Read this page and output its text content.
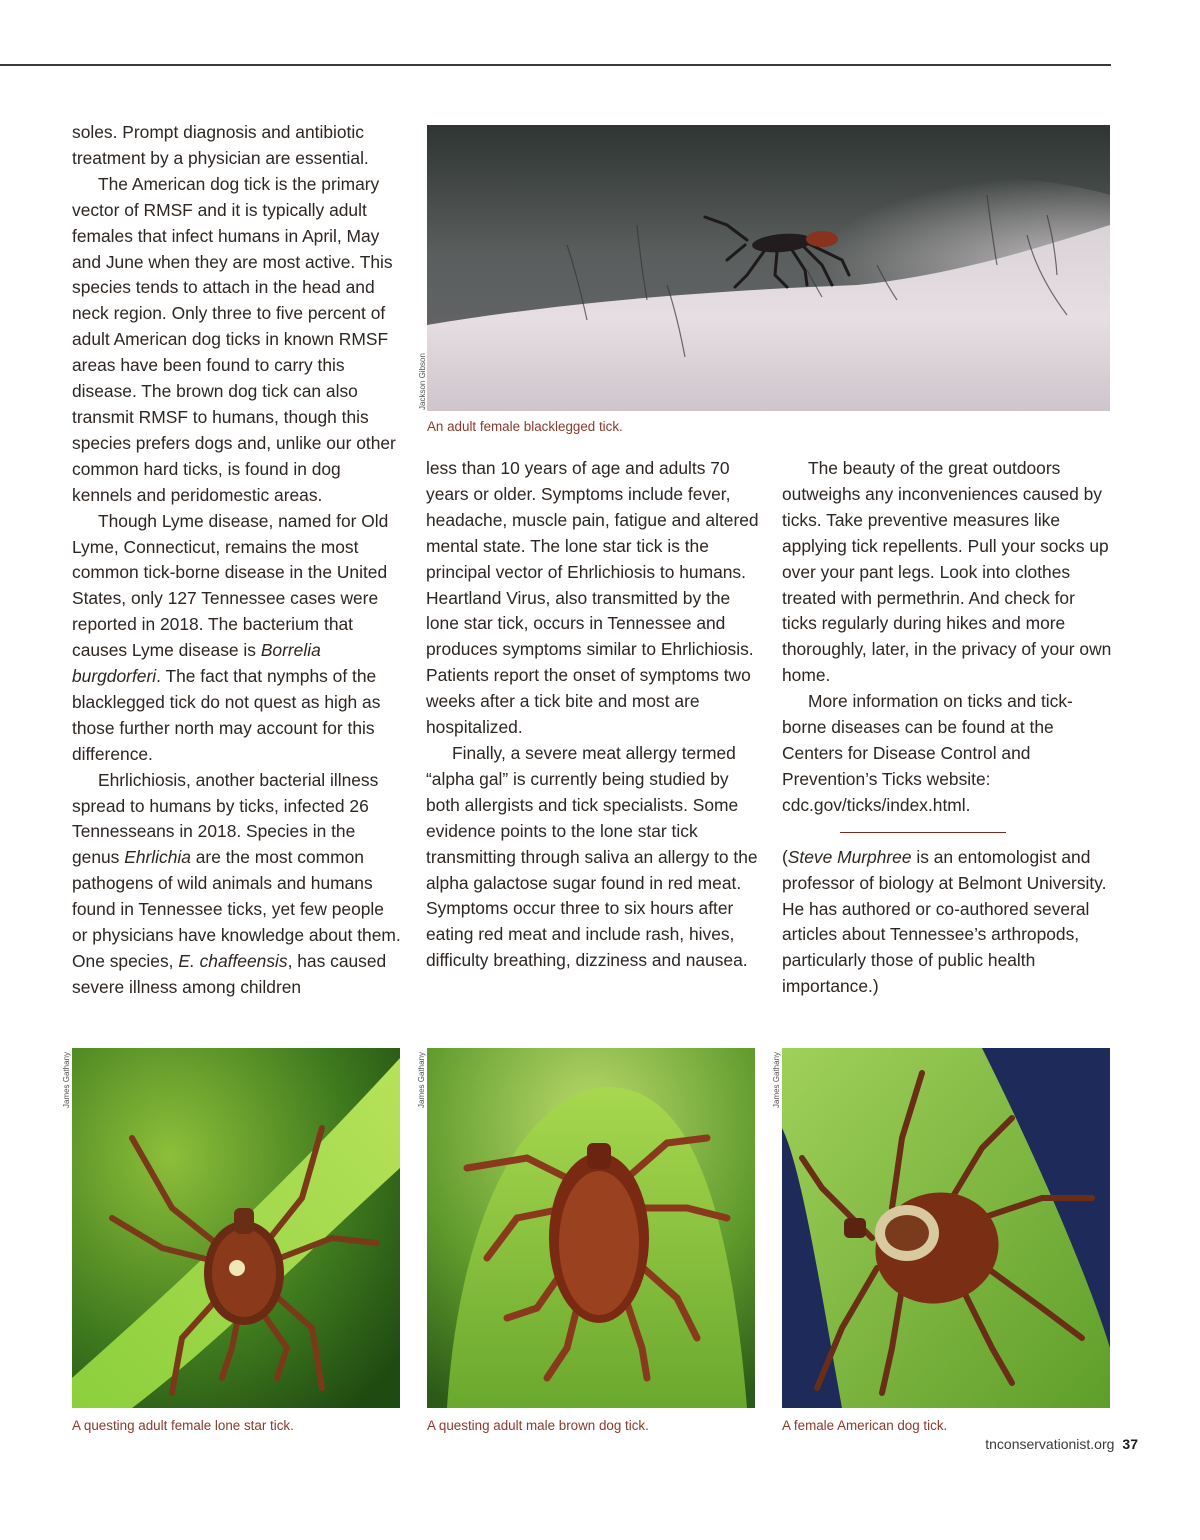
soles. Prompt diagnosis and antibiotic treatment by a physician are essential.

The American dog tick is the primary vector of RMSF and it is typically adult females that infect humans in April, May and June when they are most active. This species tends to attach in the head and neck region. Only three to five percent of adult American dog ticks in known RMSF areas have been found to carry this disease. The brown dog tick can also transmit RMSF to humans, though this species prefers dogs and, unlike our other common hard ticks, is found in dog kennels and peridomestic areas.

Though Lyme disease, named for Old Lyme, Connecticut, remains the most common tick-borne disease in the United States, only 127 Tennessee cases were reported in 2018. The bacterium that causes Lyme disease is Borrelia burgdorferi. The fact that nymphs of the blacklegged tick do not quest as high as those further north may account for this difference.

Ehrlichiosis, another bacterial illness spread to humans by ticks, infected 26 Tennesseans in 2018. Species in the genus Ehrlichia are the most common pathogens of wild animals and humans found in Tennessee ticks, yet few people or physicians have knowledge about them. One species, E. chaffeensis, has caused severe illness among children

Jackson Gibson
An adult female blacklegged tick.

less than 10 years of age and adults 70 years or older. Symptoms include fever, headache, muscle pain, fatigue and altered mental state. The lone star tick is the principal vector of Ehrlichiosis to humans. Heartland Virus, also transmitted by the lone star tick, occurs in Tennessee and produces symptoms similar to Ehrlichiosis. Patients report the onset of symptoms two weeks after a tick bite and most are hospitalized.

Finally, a severe meat allergy termed “alpha gal” is currently being studied by both allergists and tick specialists. Some evidence points to the lone star tick transmitting through saliva an allergy to the alpha galactose sugar found in red meat. Symptoms occur three to six hours after eating red meat and include rash, hives, difficulty breathing, dizziness and nausea.

The beauty of the great outdoors outweighs any inconveniences caused by ticks. Take preventive measures like applying tick repellents. Pull your socks up over your pant legs. Look into clothes treated with permethrin. And check for ticks regularly during hikes and more thoroughly, later, in the privacy of your own home.

More information on ticks and tick-borne diseases can be found at the Centers for Disease Control and Prevention’s Ticks website: cdc.gov/ticks/index.html.

(Steve Murphree is an entomologist and professor of biology at Belmont University. He has authored or co-authored several articles about Tennessee’s arthropods, particularly those of public health importance.)

James Gathany
A questing adult female lone star tick.
James Gathany
A questing adult male brown dog tick.
James Gathany
A female American dog tick.
tnconservationist.org 37
